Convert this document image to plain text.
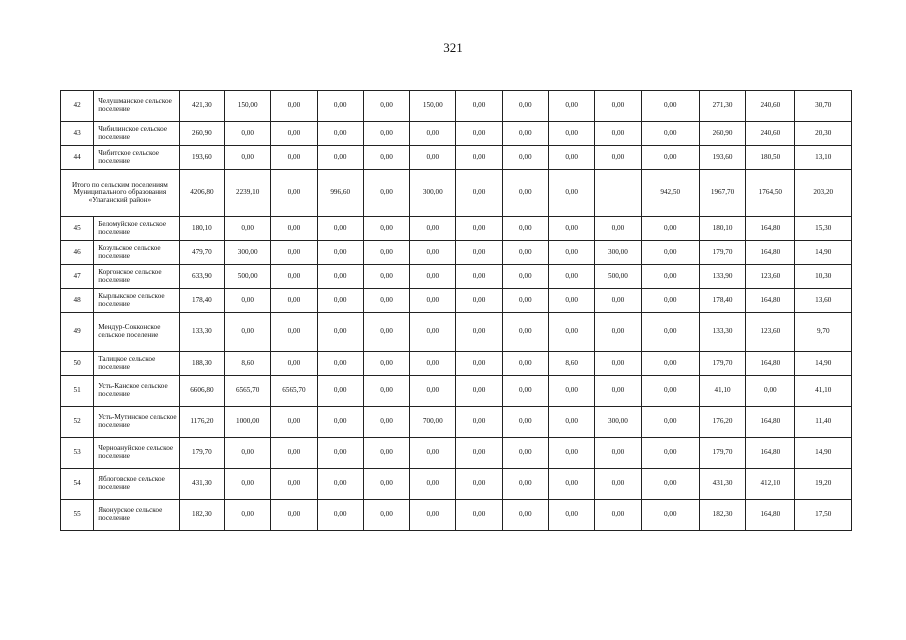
321
42	Челушманское сельское поселение	421,30	150,00	0,00	0,00	0,00	150,00	0,00	0,00	0,00	0,00	0,00	271,30	240,60	30,70
43	Чибилинское сельское поселение	260,90	0,00	0,00	0,00	0,00	0,00	0,00	0,00	0,00	0,00	0,00	260,90	240,60	20,30
44	Чибитское сельское поселение	193,60	0,00	0,00	0,00	0,00	0,00	0,00	0,00	0,00	0,00	0,00	193,60	180,50	13,10
Итого по сельским поселениям Муниципального образования «Улаганский район»		4206,80	2239,10	0,00	996,60	0,00	300,00	0,00	0,00	0,00		942,50	1967,70	1764,50	203,20
45	Беломуйское сельское поселение	180,10	0,00	0,00	0,00	0,00	0,00	0,00	0,00	0,00	0,00	0,00	180,10	164,80	15,30
46	Козульское сельское поселение	479,70	300,00	0,00	0,00	0,00	0,00	0,00	0,00	0,00	300,00	0,00	179,70	164,80	14,90
47	Коргонское сельское поселение	633,90	500,00	0,00	0,00	0,00	0,00	0,00	0,00	0,00	500,00	0,00	133,90	123,60	10,30
48	Кырлыкское сельское поселение	178,40	0,00	0,00	0,00	0,00	0,00	0,00	0,00	0,00	0,00	0,00	178,40	164,80	13,60
49	Мендур-Сокконское сельское поселение	133,30	0,00	0,00	0,00	0,00	0,00	0,00	0,00	0,00	0,00	0,00	133,30	123,60	9,70
50	Талицкое сельское поселение	188,30	8,60	0,00	0,00	0,00	0,00	0,00	0,00	8,60	0,00	0,00	179,70	164,80	14,90
51	Усть-Канское сельское поселение	6606,80	6565,70	6565,70	0,00	0,00	0,00	0,00	0,00	0,00	0,00	0,00	41,10	0,00	41,10
52	Усть-Мутинское сельское поселение	1176,20	1000,00	0,00	0,00	0,00	700,00	0,00	0,00	0,00	300,00	0,00	176,20	164,80	11,40
53	Черноануйское сельское поселение	179,70	0,00	0,00	0,00	0,00	0,00	0,00	0,00	0,00	0,00	0,00	179,70	164,80	14,90
54	Яблоговское сельское поселение	431,30	0,00	0,00	0,00	0,00	0,00	0,00	0,00	0,00	0,00	0,00	431,30	412,10	19,20
55	Яконурское сельское поселение	182,30	0,00	0,00	0,00	0,00	0,00	0,00	0,00	0,00	0,00	0,00	182,30	164,80	17,50
